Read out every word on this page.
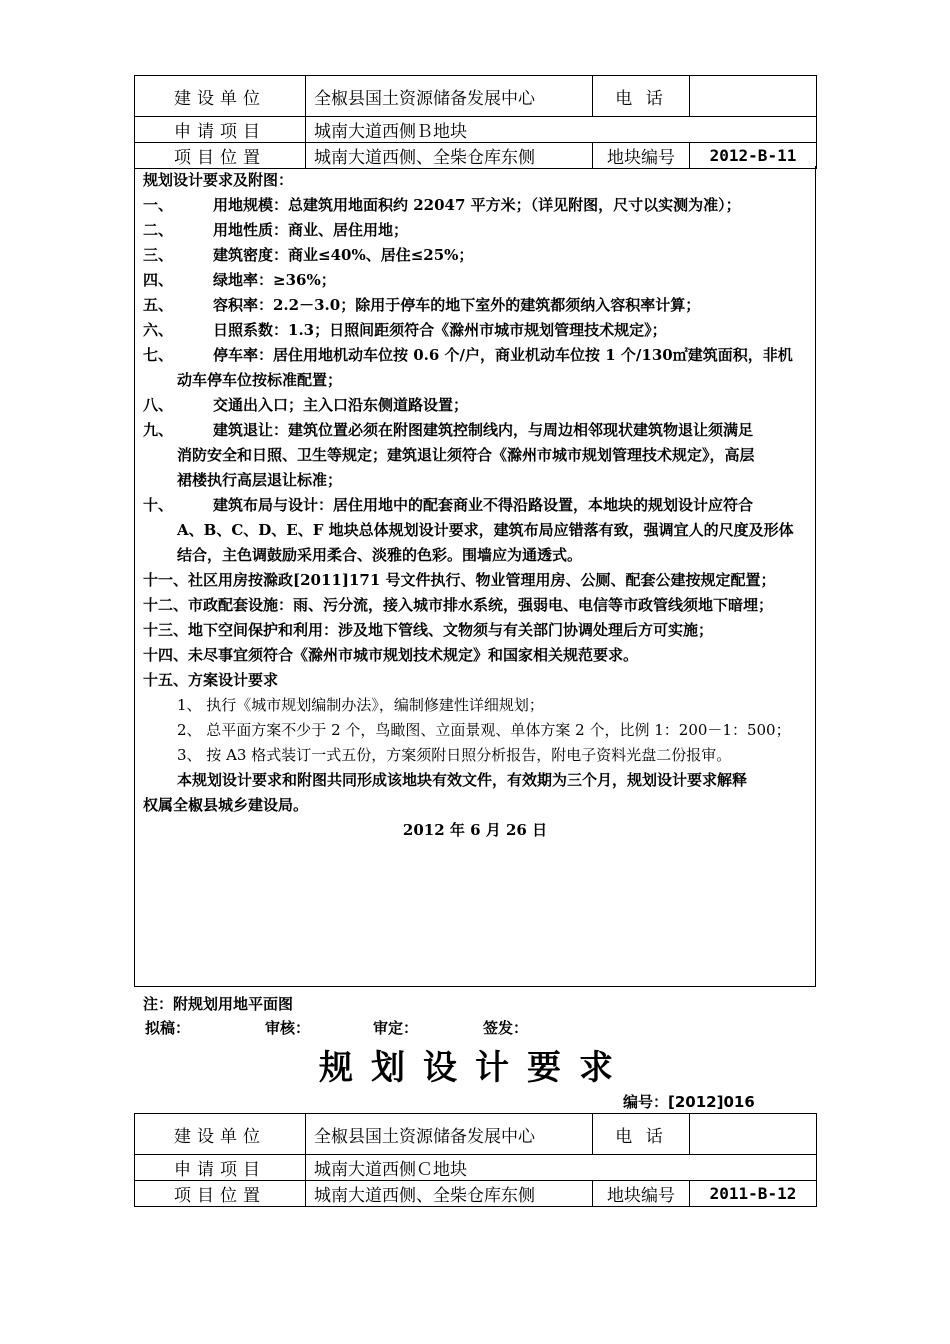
建设单位	全椒县国土资源储备发展中心	电 话	
申请项目	城南大道西侧Ｂ地块		
项目位置	城南大道西侧、全柴仓库东侧	地块编号	2012-B-11
规划设计要求及附图：
一、	用地规模：总建筑用地面积约 22047 平方米；（详见附图，尺寸以实测为准）；
二、	用地性质：商业、居住用地；
三、	建筑密度：商业≤40%、居住≤25%；
四、	绿地率：≥36%；
五、	容积率：2.2－3.0；除用于停车的地下室外的建筑都须纳入容积率计算；
六、	日照系数：1.3；日照间距须符合《滁州市城市规划管理技术规定》；
七、	停车率：居住用地机动车位按 0.6 个/户，商业机动车位按 1 个/130㎡建筑面积，非机
动车停车位按标准配置；
八、	交通出入口；主入口沿东侧道路设置；
九、	建筑退让：建筑位置必须在附图建筑控制线内，与周边相邻现状建筑物退让须满足
消防安全和日照、卫生等规定；建筑退让须符合《滁州市城市规划管理技术规定》，高层
裙楼执行高层退让标准；
十、	建筑布局与设计：居住用地中的配套商业不得沿路设置，本地块的规划设计应符合
A、B、C、D、E、F 地块总体规划设计要求，建筑布局应错落有致，强调宜人的尺度及形体
结合，主色调鼓励采用柔合、淡雅的色彩。围墙应为通透式。
十一、社区用房按滁政[2011]171 号文件执行、物业管理用房、公厕、配套公建按规定配置；
十二、市政配套设施：雨、污分流，接入城市排水系统，强弱电、电信等市政管线须地下暗埋；
十三、地下空间保护和利用：涉及地下管线、文物须与有关部门协调处理后方可实施；
十四、未尽事宜须符合《滁州市城市规划技术规定》和国家相关规范要求。
十五、方案设计要求
1、 执行《城市规划编制办法》，编制修建性详细规划；
2、 总平面方案不少于 2 个，鸟瞰图、立面景观、单体方案 2 个，比例 1：200－1：500；
3、 按 A3 格式装订一式五份，方案须附日照分析报告，附电子资料光盘二份报审。
本规划设计要求和附图共同形成该地块有效文件，有效期为三个月，规划设计要求解释
权属全椒县城乡建设局。
2012 年 6 月 26 日
注：附规划用地平面图
拟稿：	审核：	审定：	签发：
规划设计要求
编号：[2012]016
建设单位	全椒县国土资源储备发展中心	电 话	
申请项目	城南大道西侧Ｃ地块		
项目位置	城南大道西侧、全柴仓库东侧	地块编号	2011-B-12
